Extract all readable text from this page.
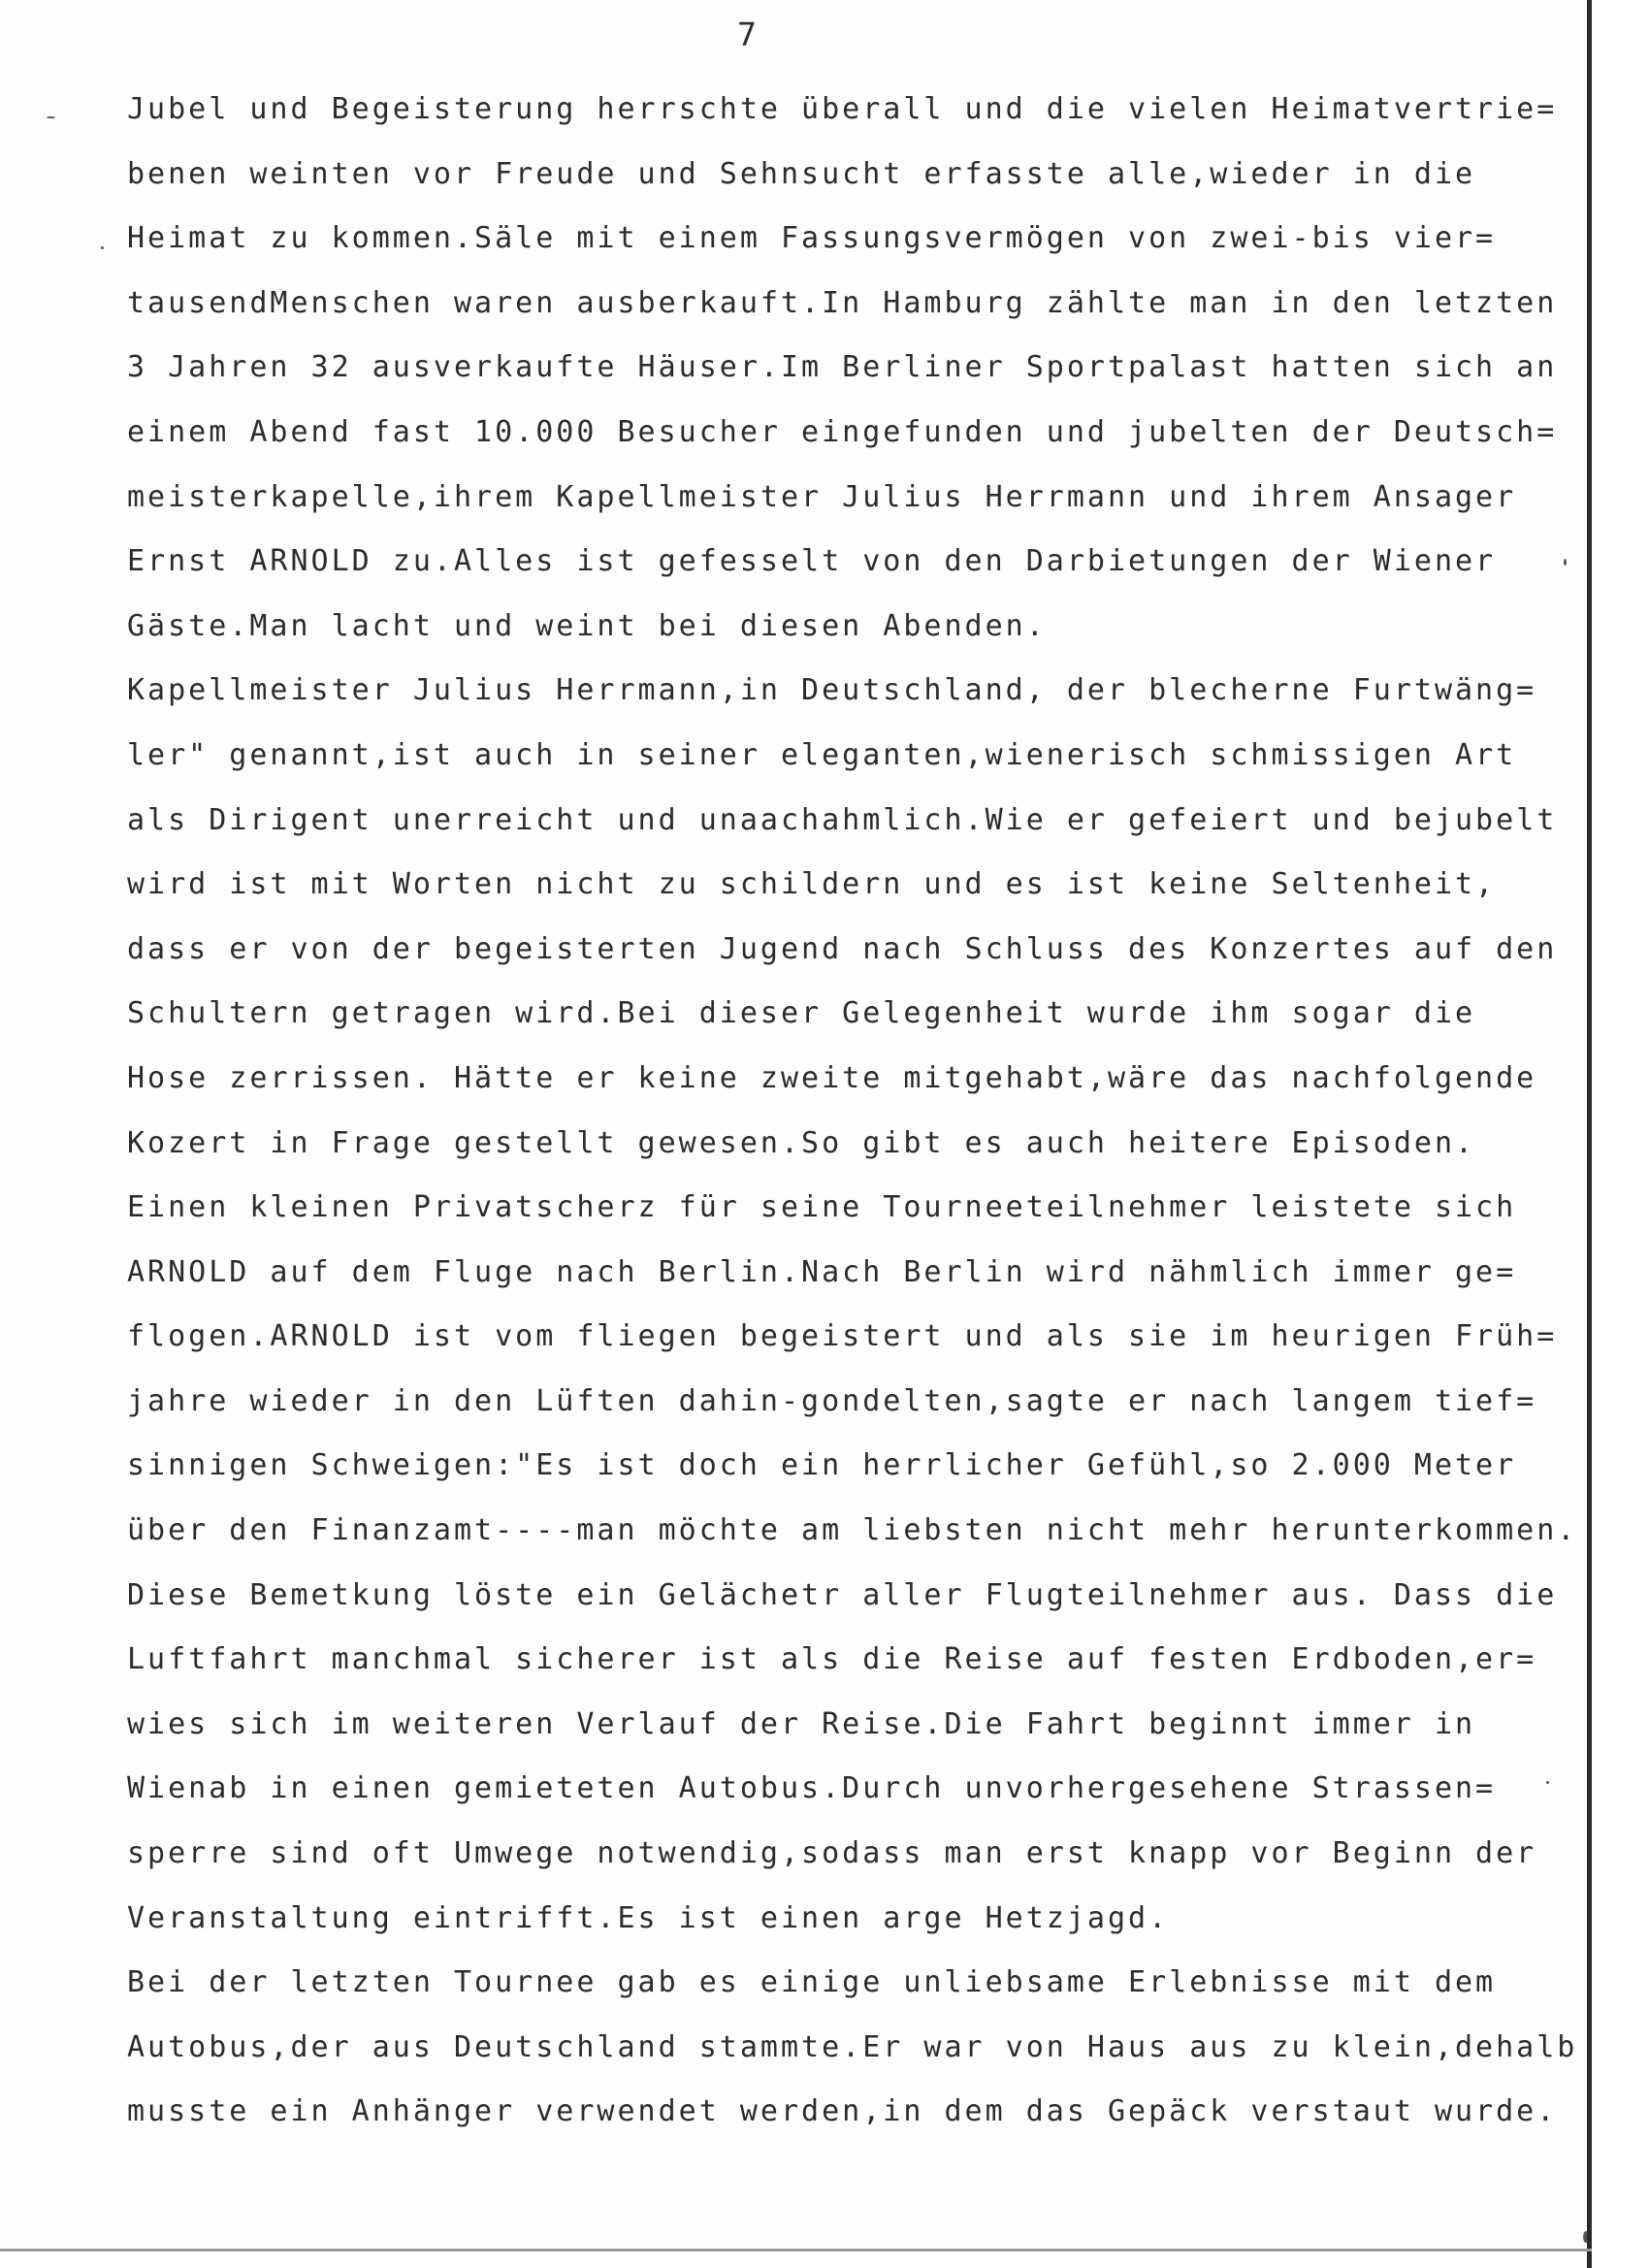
7

Jubel und Begeisterung herrschte überall und die vielen Heimatvertrie=
benen weinten vor Freude und Sehnsucht erfasste alle,wieder in die
Heimat zu kommen.Säle mit einem Fassungsvermögen von zwei-bis vier=
tausendMenschen waren ausberkauft.In Hamburg zählte man in den letzten
3 Jahren 32 ausverkaufte Häuser.Im Berliner Sportpalast hatten sich an
einem Abend fast 10.000 Besucher eingefunden und jubelten der Deutsch=
meisterkapelle,ihrem Kapellmeister Julius Herrmann und ihrem Ansager
Ernst ARNOLD zu.Alles ist gefesselt von den Darbietungen der Wiener
Gäste.Man lacht und weint bei diesen Abenden.
Kapellmeister Julius Herrmann,in Deutschland, der blecherne Furtwäng=
ler" genannt,ist auch in seiner eleganten,wienerisch schmissigen Art
als Dirigent unerreicht und unaachahmlich.Wie er gefeiert und bejubelt
wird ist mit Worten nicht zu schildern und es ist keine Seltenheit,
dass er von der begeisterten Jugend nach Schluss des Konzertes auf den
Schultern getragen wird.Bei dieser Gelegenheit wurde ihm sogar die
Hose zerrissen. Hätte er keine zweite mitgehabt,wäre das nachfolgende
Kozert in Frage gestellt gewesen.So gibt es auch heitere Episoden.
Einen kleinen Privatscherz für seine Tourneeteilnehmer leistete sich
ARNOLD auf dem Fluge nach Berlin.Nach Berlin wird nähmlich immer ge=
flogen.ARNOLD ist vom fliegen begeistert und als sie im heurigen Früh=
jahre wieder in den Lüften dahin-gondelten,sagte er nach langem tief=
sinnigen Schweigen:"Es ist doch ein herrlicher Gefühl,so 2.000 Meter
über den Finanzamt----man möchte am liebsten nicht mehr herunterkommen.
Diese Bemetkung löste ein Gelächetr aller Flugteilnehmer aus. Dass die
Luftfahrt manchmal sicherer ist als die Reise auf festen Erdboden,er=
wies sich im weiteren Verlauf der Reise.Die Fahrt beginnt immer in
Wienab in einen gemieteten Autobus.Durch unvorhergesehene Strassen=
sperre sind oft Umwege notwendig,sodass man erst knapp vor Beginn der
Veranstaltung eintrifft.Es ist einen arge Hetzjagd.
Bei der letzten Tournee gab es einige unliebsame Erlebnisse mit dem
Autobus,der aus Deutschland stammte.Er war von Haus aus zu klein,dehalb
musste ein Anhänger verwendet werden,in dem das Gepäck verstaut wurde.
